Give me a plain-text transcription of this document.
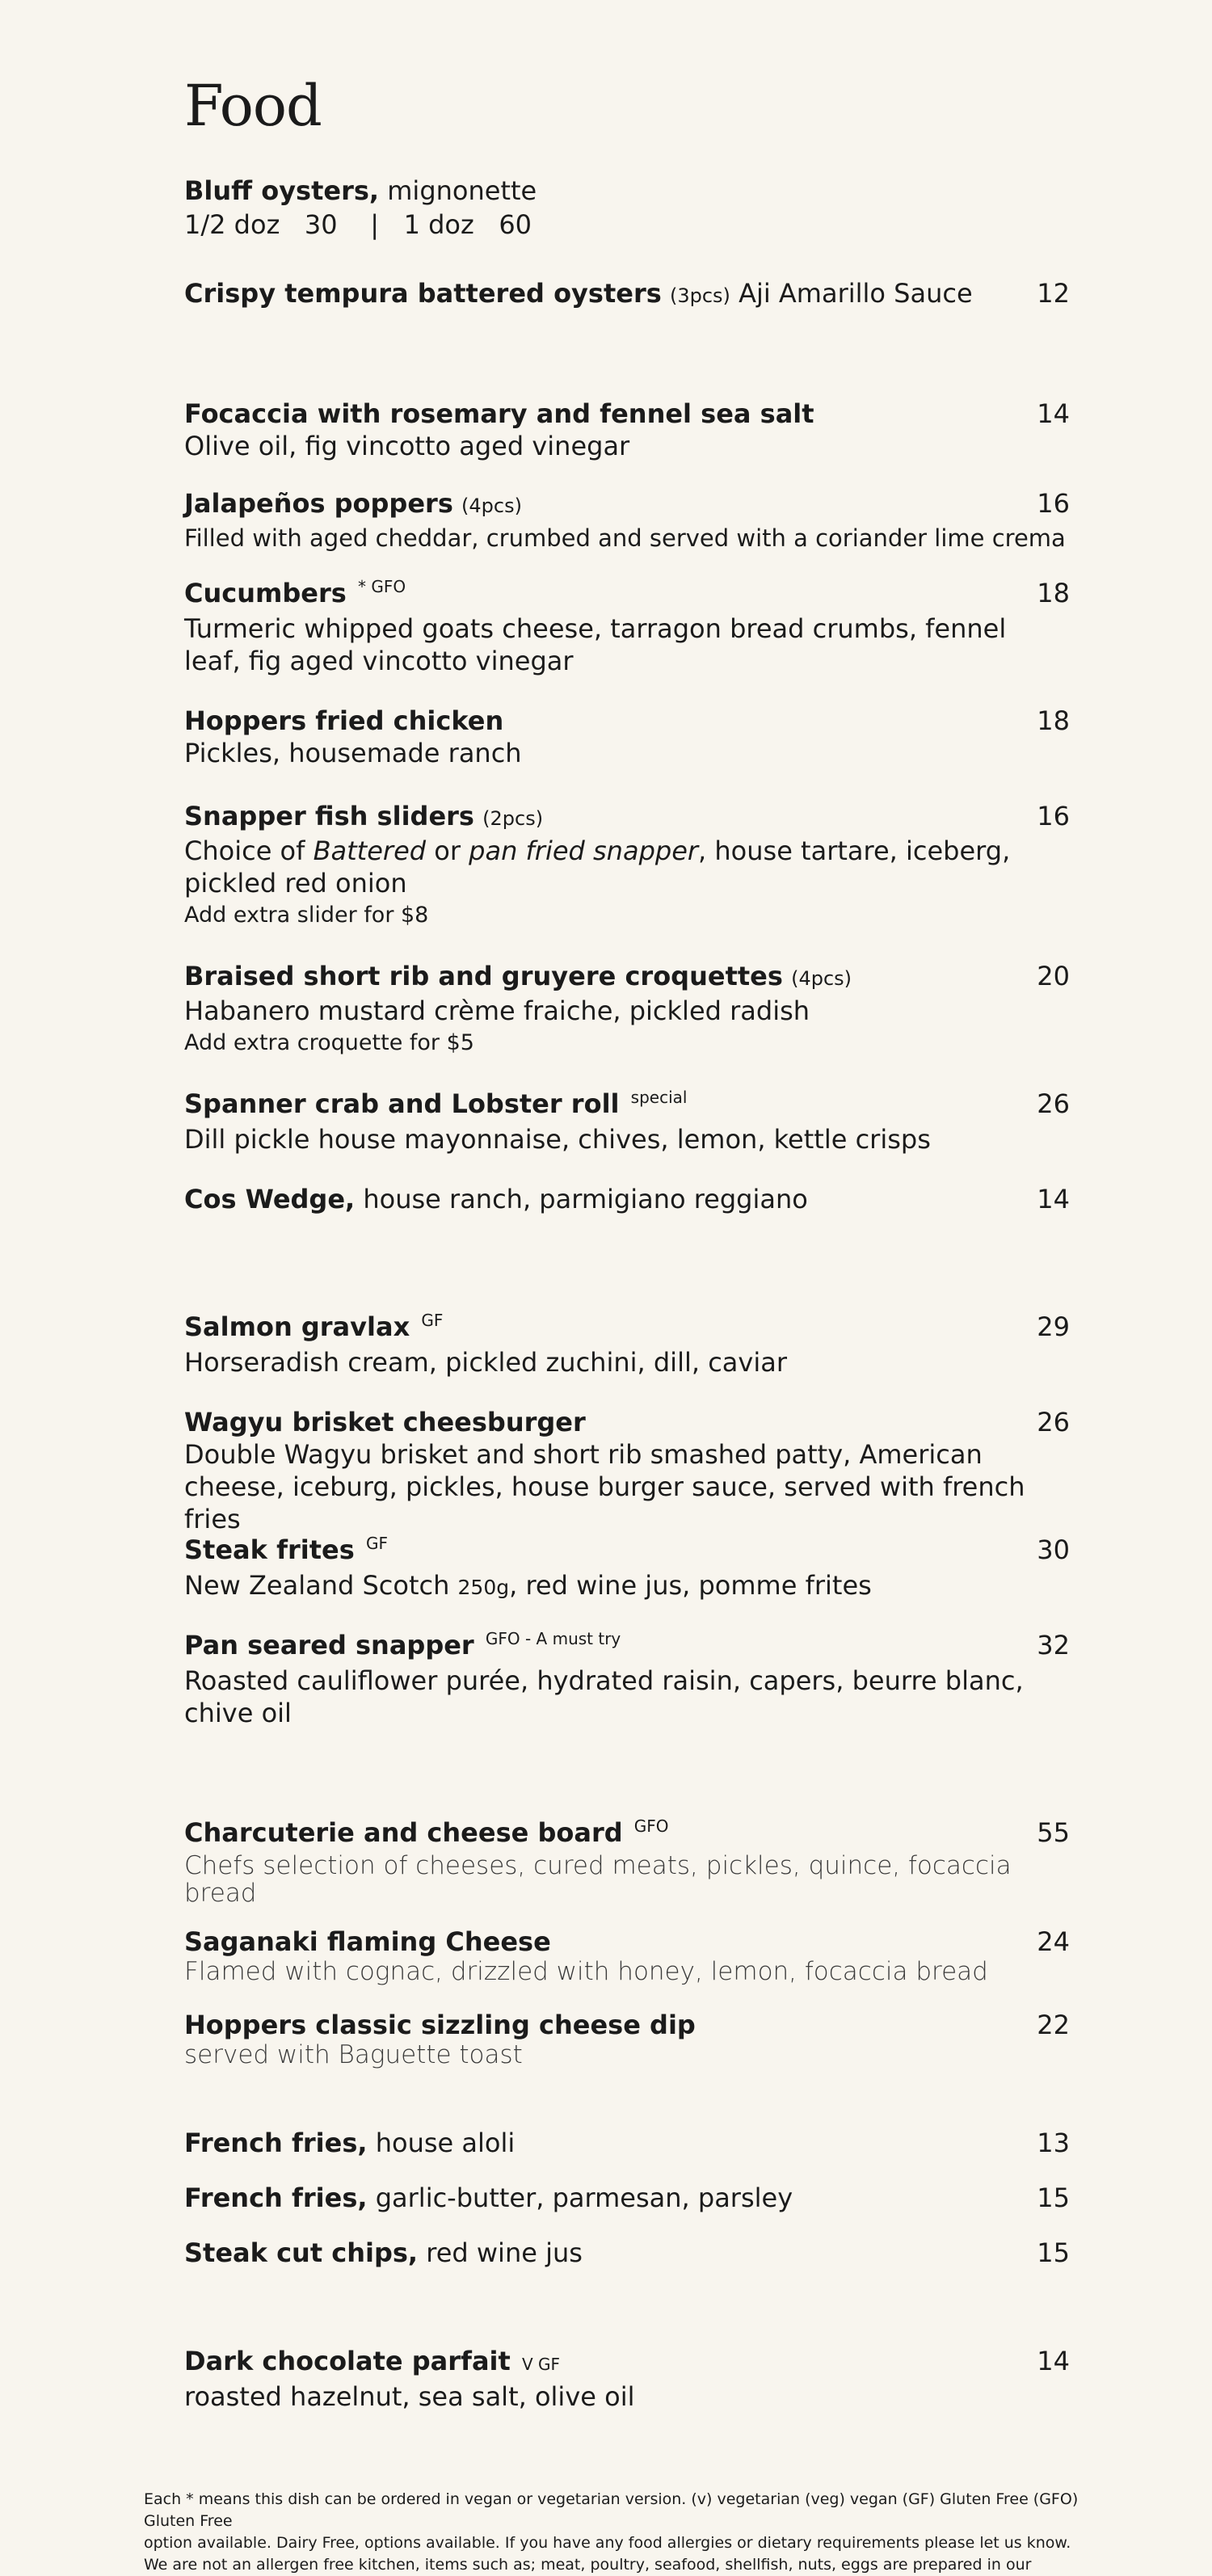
Food
Bluff oysters, mignonette
1/2 doz   30    |   1 doz   60
Crispy tempura battered oysters (3pcs) Aji Amarillo Sauce 12
Focaccia with rosemary and fennel sea salt	14
Olive oil, fig vincotto aged vinegar
Jalapeños poppers (4pcs)	16
Filled with aged cheddar, crumbed and served with a coriander lime crema
Cucumbers $^{* GFO}$	18
Turmeric whipped goats cheese, tarragon bread crumbs, fennel leaf, fig aged vincotto vinegar
Hoppers fried chicken	18
Pickles, housemade ranch
Snapper fish sliders (2pcs)	16
Choice of Battered or pan fried snapper, house tartare, iceberg, pickled red onion
Add extra slider for $8
Braised short rib and gruyere croquettes (4pcs)	20
Habanero mustard crème fraiche, pickled radish
Add extra croquette for $5
Spanner crab and Lobster roll $^{special}$	26
Dill pickle house mayonnaise, chives, lemon, kettle crisps
Cos Wedge, house ranch, parmigiano reggiano	14
Salmon gravlax $^{GF}$	29
Horseradish cream, pickled zuchini, dill, caviar
Wagyu brisket cheesburger	26
Double Wagyu brisket and short rib smashed patty, American cheese, iceburg, pickles, house burger sauce, served with french fries
Steak frites $^{GF}$	30
New Zealand Scotch 250g, red wine jus, pomme frites
Pan seared snapper $^{GFO - A must try}$	32
Roasted cauliflower purée, hydrated raisin, capers, beurre blanc, chive oil
Charcuterie and cheese board $^{GFO}$	55
Chefs selection of cheeses, cured meats, pickles, quince, focaccia bread
Saganaki flaming Cheese	24
Flamed with cognac, drizzled with honey, lemon, focaccia bread
Hoppers classic sizzling cheese dip	22
served with Baguette toast
French fries, house aloli	13
French fries, garlic-butter, parmesan, parsley	15
Steak cut chips, red wine jus	15
Dark chocolate parfait V GF	14
roasted hazelnut, sea salt, olive oil

Each * means this dish can be ordered in vegan or vegetarian version. (v) vegetarian (veg) vegan (GF) Gluten Free (GFO) Gluten Free

option available. Dairy Free, options available. If you have any food allergies or dietary requirements please let us know.

We are not an allergen free kitchen, items such as; meat, poultry, seafood, shellfish, nuts, eggs are prepared in our
